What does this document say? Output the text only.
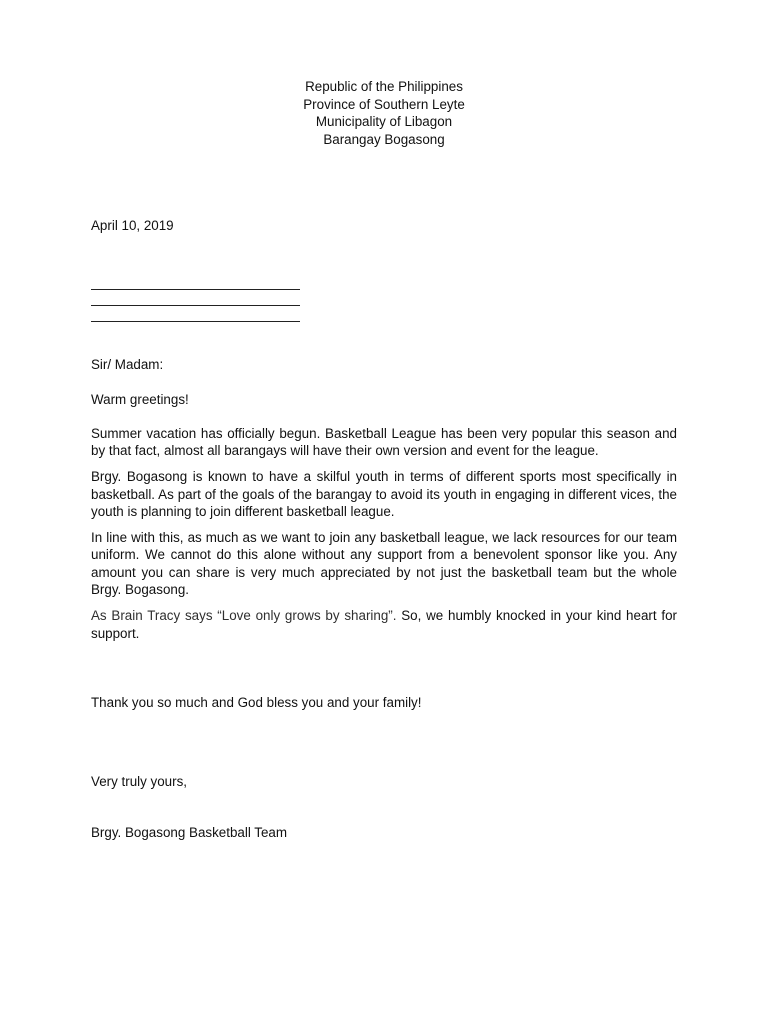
Republic of the Philippines
Province of Southern Leyte
Municipality of Libagon
Barangay Bogasong
April 10, 2019
Sir/ Madam:
Warm greetings!

Summer vacation has officially begun. Basketball League has been very popular this season and by that fact, almost all barangays will have their own version and event for the league.

Brgy. Bogasong is known to have a skilful youth in terms of different sports most specifically in basketball. As part of the goals of the barangay to avoid its youth in engaging in different vices, the youth is planning to join different basketball league.

In line with this, as much as we want to join any basketball league, we lack resources for our team uniform. We cannot do this alone without any support from a benevolent sponsor like you. Any amount you can share is very much appreciated by not just the basketball team but the whole Brgy. Bogasong.

As Brain Tracy says “Love only grows by sharing”. So, we humbly knocked in your kind heart for support.

Thank you so much and God bless you and your family!
Very truly yours,
Brgy. Bogasong Basketball Team
